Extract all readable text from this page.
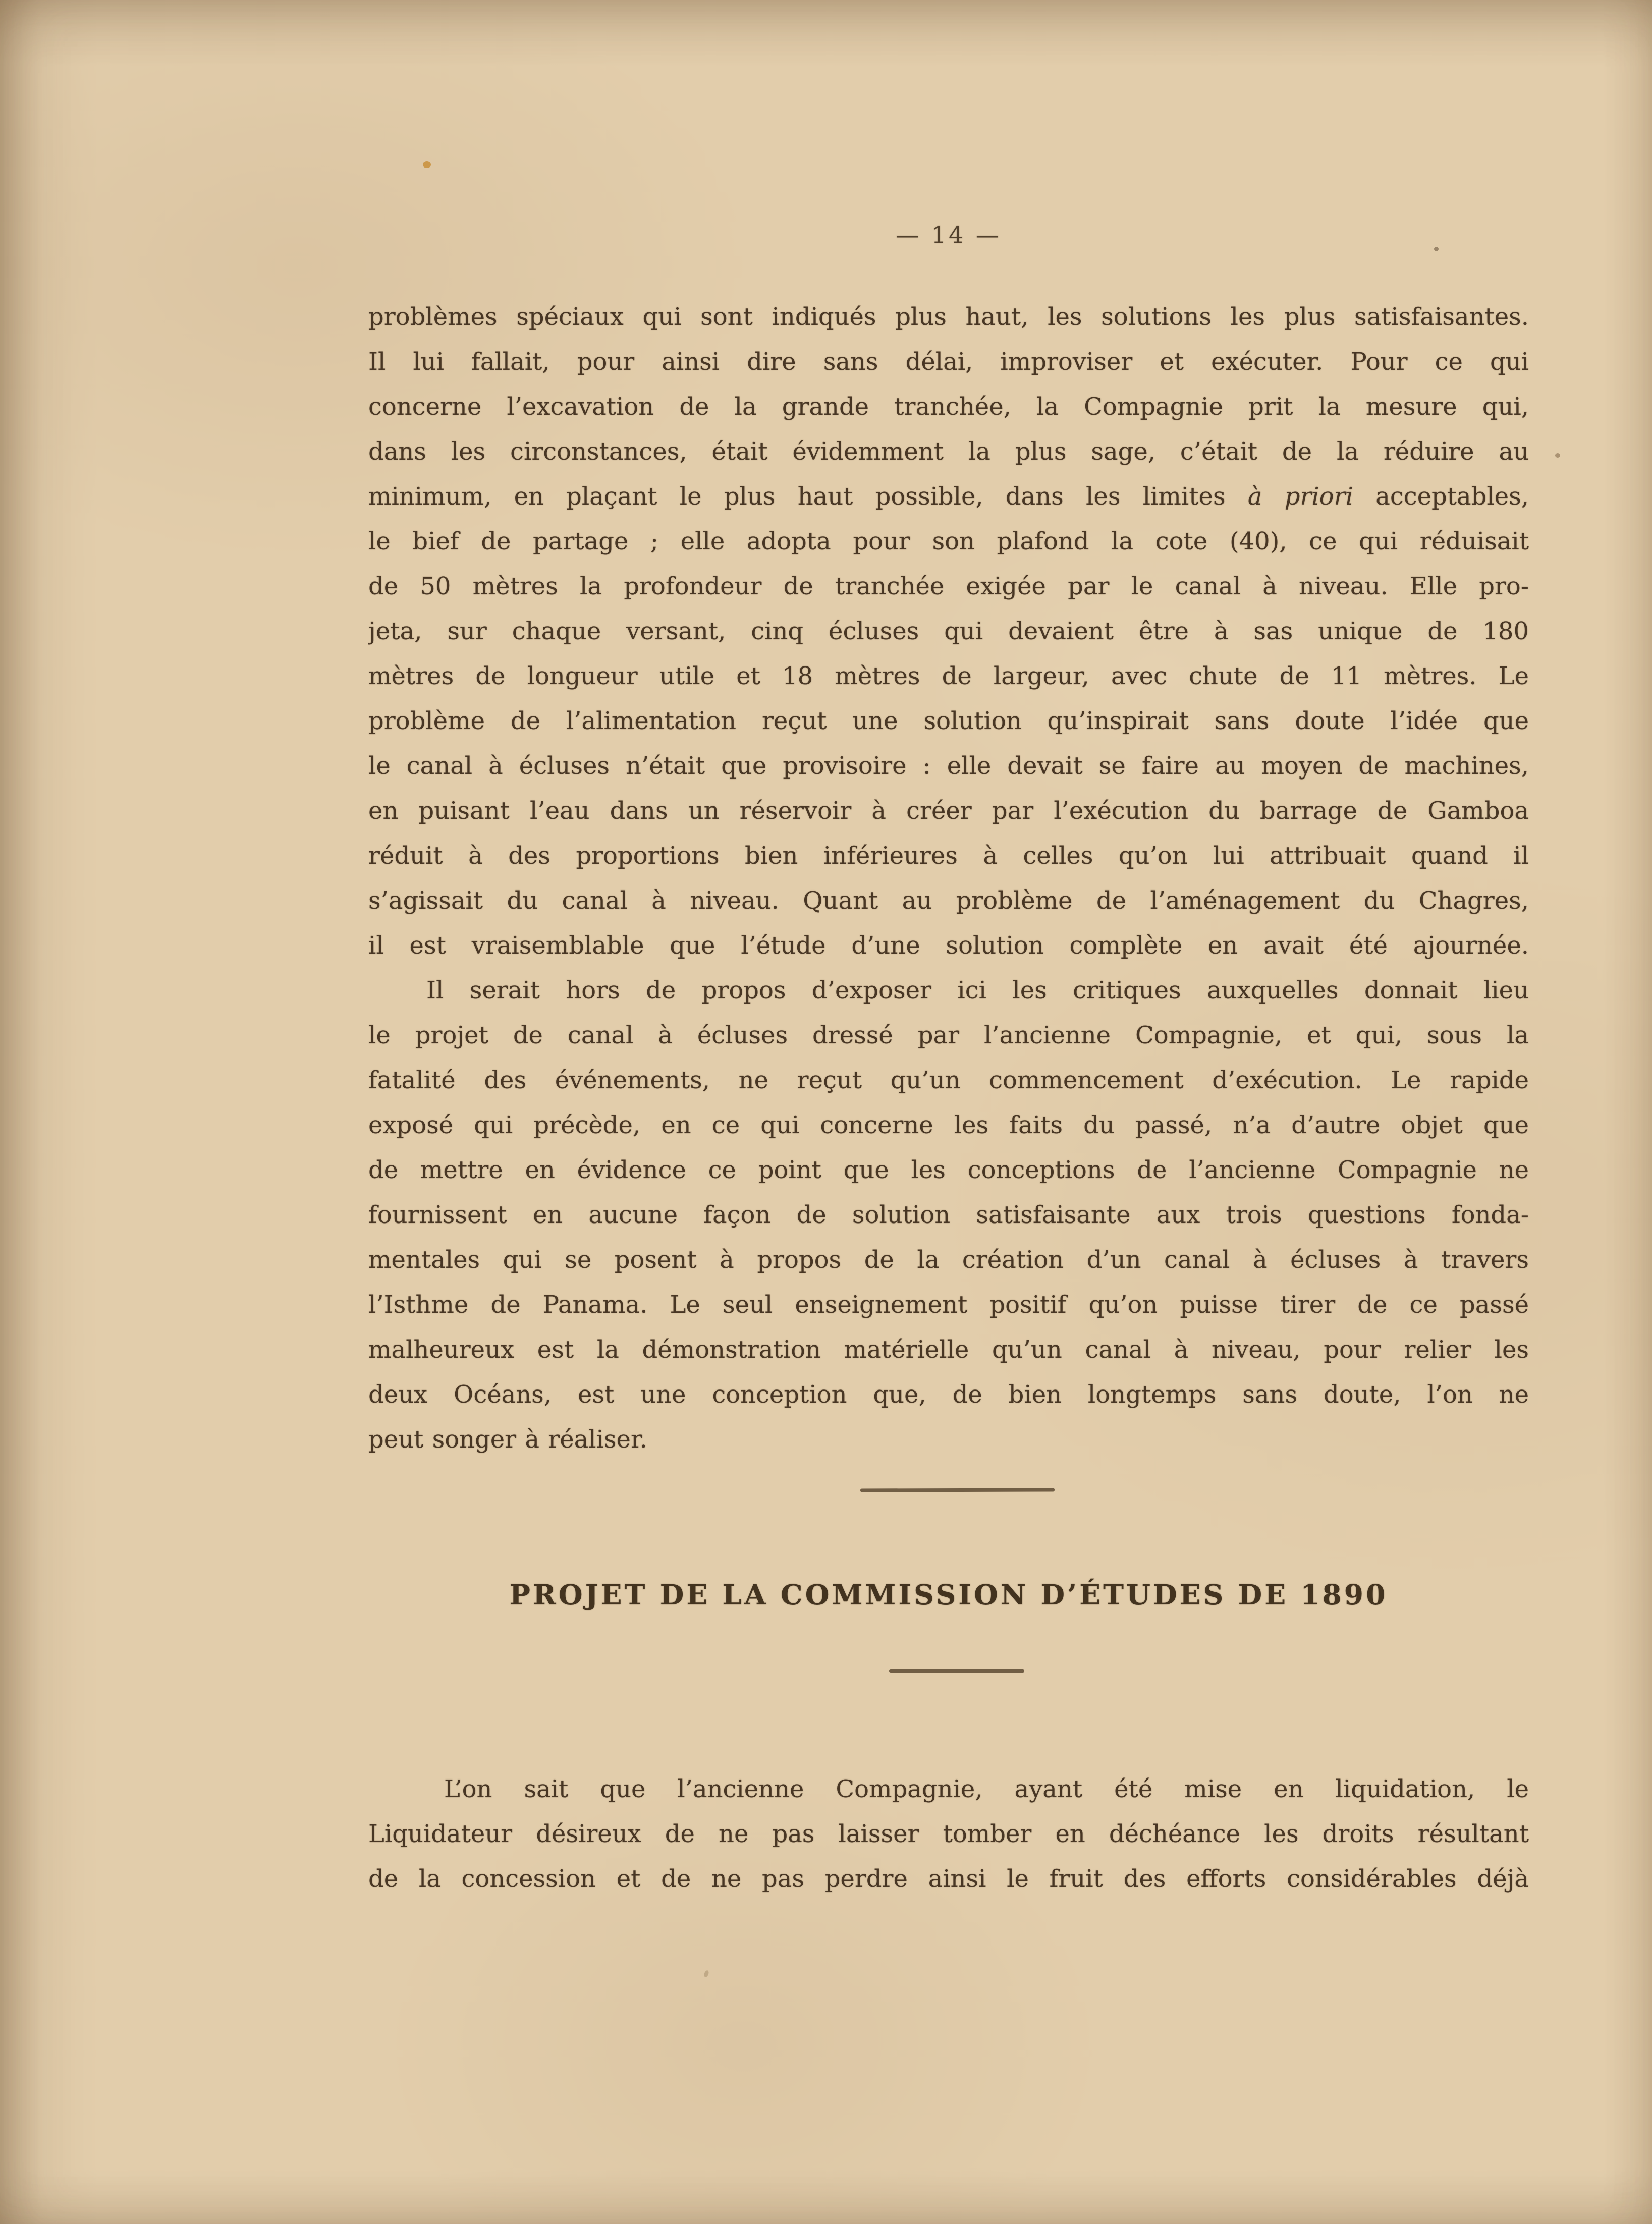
— 14 —
problèmes spéciaux qui sont indiqués plus haut, les solutions les plus satisfaisantes.
Il lui fallait, pour ainsi dire sans délai, improviser et exécuter. Pour ce qui
concerne l’excavation de la grande tranchée, la Compagnie prit la mesure qui,
dans les circonstances, était évidemment la plus sage, c’était de la réduire au
minimum, en plaçant le plus haut possible, dans les limites à priori acceptables,
le bief de partage ; elle adopta pour son plafond la cote (40), ce qui réduisait
de 50 mètres la profondeur de tranchée exigée par le canal à niveau. Elle pro-
jeta, sur chaque versant, cinq écluses qui devaient être à sas unique de 180
mètres de longueur utile et 18 mètres de largeur, avec chute de 11 mètres. Le
problème de l’alimentation reçut une solution qu’inspirait sans doute l’idée que
le canal à écluses n’était que provisoire : elle devait se faire au moyen de machines,
en puisant l’eau dans un réservoir à créer par l’exécution du barrage de Gamboa
réduit à des proportions bien inférieures à celles qu’on lui attribuait quand il
s’agissait du canal à niveau. Quant au problème de l’aménagement du Chagres,
il est vraisemblable que l’étude d’une solution complète en avait été ajournée.
Il serait hors de propos d’exposer ici les critiques auxquelles donnait lieu
le projet de canal à écluses dressé par l’ancienne Compagnie, et qui, sous la
fatalité des événements, ne reçut qu’un commencement d’exécution. Le rapide
exposé qui précède, en ce qui concerne les faits du passé, n’a d’autre objet que
de mettre en évidence ce point que les conceptions de l’ancienne Compagnie ne
fournissent en aucune façon de solution satisfaisante aux trois questions fonda-
mentales qui se posent à propos de la création d’un canal à écluses à travers
l’Isthme de Panama. Le seul enseignement positif qu’on puisse tirer de ce passé
malheureux est la démonstration matérielle qu’un canal à niveau, pour relier les
deux Océans, est une conception que, de bien longtemps sans doute, l’on ne
peut songer à réaliser.
PROJET DE LA COMMISSION D’ÉTUDES DE 1890
L’on sait que l’ancienne Compagnie, ayant été mise en liquidation, le
Liquidateur désireux de ne pas laisser tomber en déchéance les droits résultant
de la concession et de ne pas perdre ainsi le fruit des efforts considérables déjà
